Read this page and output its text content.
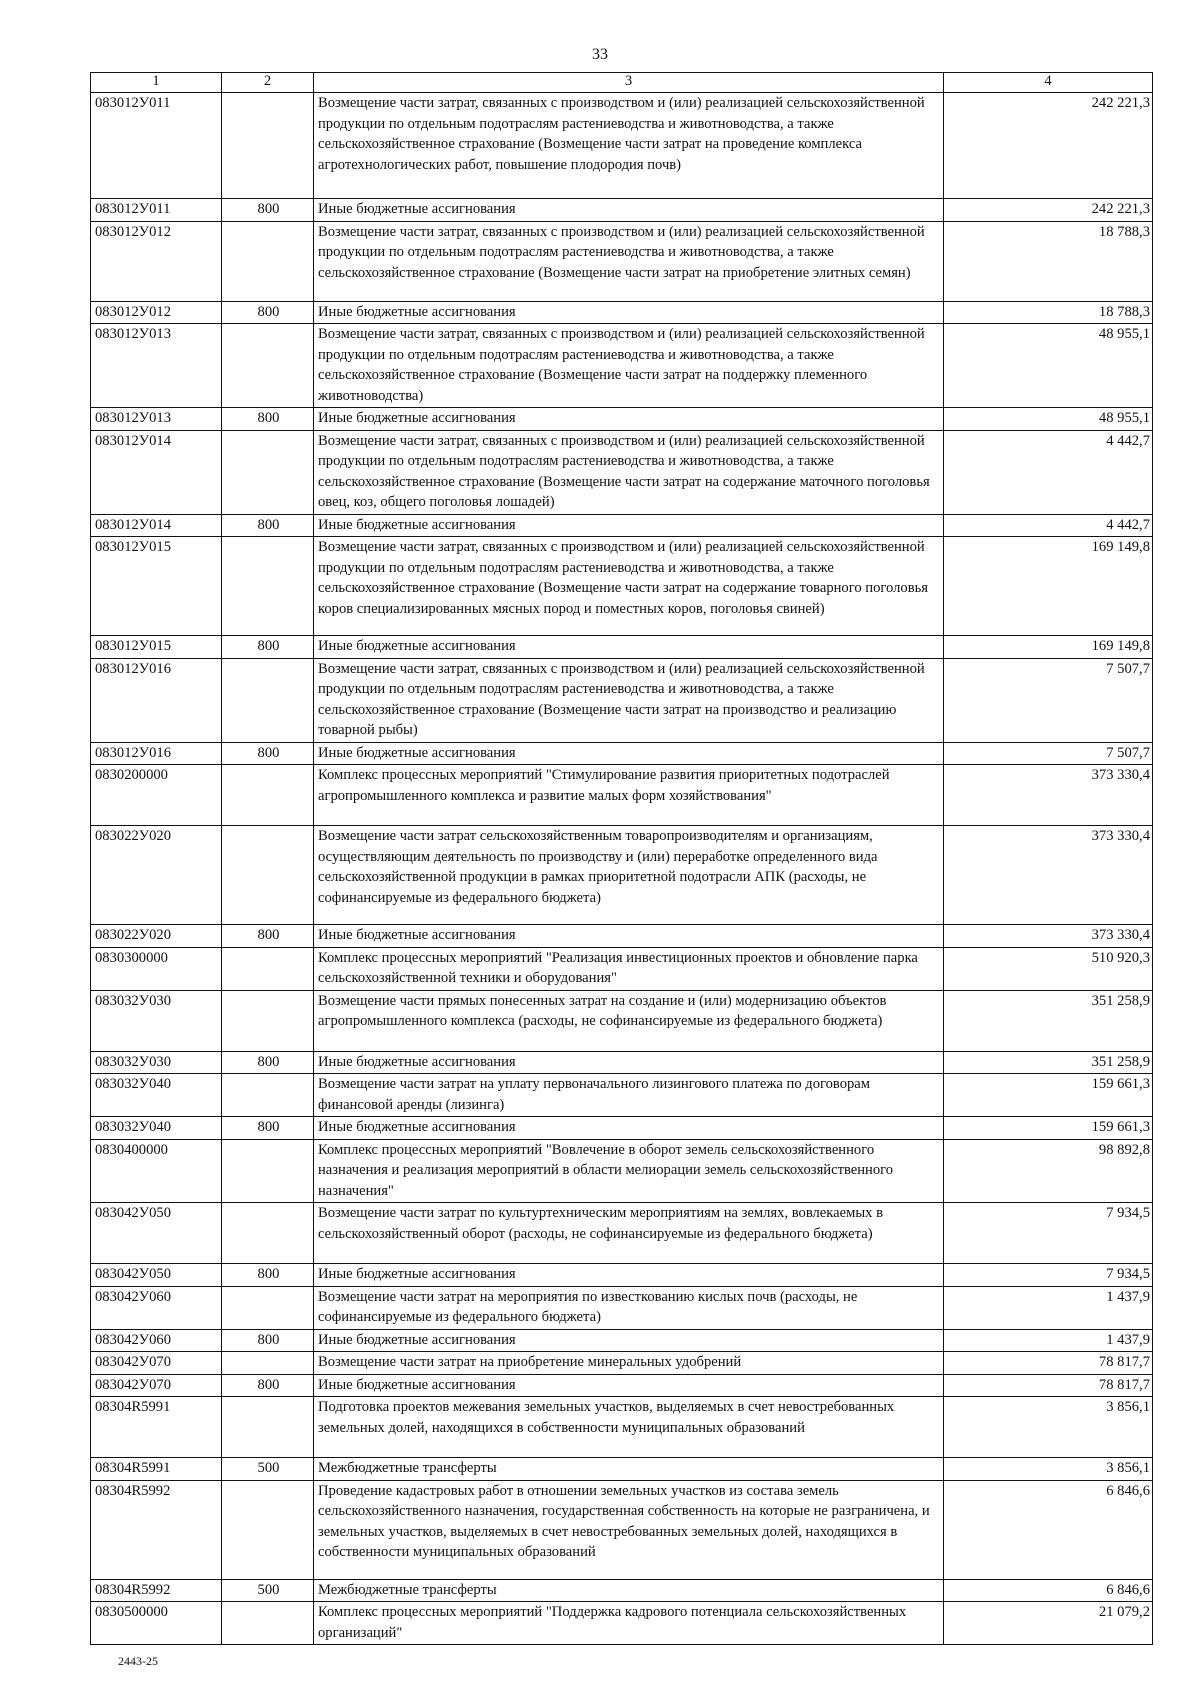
33
1	2	3	4
083012У011		Возмещение части затрат, связанных с производством и (или) реализацией сельскохозяйственной продукции по отдельным подотраслям растениеводства и животноводства, а также сельскохозяйственное страхование (Возмещение части затрат на проведение комплекса агротехнологических работ, повышение плодородия почв)	242 221,3
083012У011	800	Иные бюджетные ассигнования	242 221,3
083012У012		Возмещение части затрат, связанных с производством и (или) реализацией сельскохозяйственной продукции по отдельным подотраслям растениеводства и животноводства, а также сельскохозяйственное страхование (Возмещение части затрат на приобретение элитных семян)	18 788,3
083012У012	800	Иные бюджетные ассигнования	18 788,3
083012У013		Возмещение части затрат, связанных с производством и (или) реализацией сельскохозяйственной продукции по отдельным подотраслям растениеводства и животноводства, а также сельскохозяйственное страхование (Возмещение части затрат на поддержку племенного животноводства)	48 955,1
083012У013	800	Иные бюджетные ассигнования	48 955,1
083012У014		Возмещение части затрат, связанных с производством и (или) реализацией сельскохозяйственной продукции по отдельным подотраслям растениеводства и животноводства, а также сельскохозяйственное страхование (Возмещение части затрат на содержание маточного поголовья овец, коз, общего поголовья лошадей)	4 442,7
083012У014	800	Иные бюджетные ассигнования	4 442,7
083012У015		Возмещение части затрат, связанных с производством и (или) реализацией сельскохозяйственной продукции по отдельным подотраслям растениеводства и животноводства, а также сельскохозяйственное страхование (Возмещение части затрат на содержание товарного поголовья коров специализированных мясных пород и поместных коров, поголовья свиней)	169 149,8
083012У015	800	Иные бюджетные ассигнования	169 149,8
083012У016		Возмещение части затрат, связанных с производством и (или) реализацией сельскохозяйственной продукции по отдельным подотраслям растениеводства и животноводства, а также сельскохозяйственное страхование (Возмещение части затрат на производство и реализацию товарной рыбы)	7 507,7
083012У016	800	Иные бюджетные ассигнования	7 507,7
0830200000		Комплекс процессных мероприятий "Стимулирование развития приоритетных подотраслей агропромышленного комплекса и развитие малых форм хозяйствования"	373 330,4
083022У020		Возмещение части затрат сельскохозяйственным товаропроизводителям и организациям, осуществляющим деятельность по производству и (или) переработке определенного вида сельскохозяйственной продукции в рамках приоритетной подотрасли АПК (расходы, не софинансируемые из федерального бюджета)	373 330,4
083022У020	800	Иные бюджетные ассигнования	373 330,4
0830300000		Комплекс процессных мероприятий "Реализация инвестиционных проектов и обновление парка сельскохозяйственной техники и оборудования"	510 920,3
083032У030		Возмещение части прямых понесенных затрат на создание и (или) модернизацию объектов агропромышленного комплекса (расходы, не софинансируемые из федерального бюджета)	351 258,9
083032У030	800	Иные бюджетные ассигнования	351 258,9
083032У040		Возмещение части затрат на уплату первоначального лизингового платежа по договорам финансовой аренды (лизинга)	159 661,3
083032У040	800	Иные бюджетные ассигнования	159 661,3
0830400000		Комплекс процессных мероприятий "Вовлечение в оборот земель сельскохозяйственного назначения и реализация мероприятий в области мелиорации земель сельскохозяйственного назначения"	98 892,8
083042У050		Возмещение части затрат по культуртехническим мероприятиям на землях, вовлекаемых в сельскохозяйственный оборот (расходы, не софинансируемые из федерального бюджета)	7 934,5
083042У050	800	Иные бюджетные ассигнования	7 934,5
083042У060		Возмещение части затрат на мероприятия по известкованию кислых почв (расходы, не софинансируемые из федерального бюджета)	1 437,9
083042У060	800	Иные бюджетные ассигнования	1 437,9
083042У070		Возмещение части затрат на приобретение минеральных удобрений	78 817,7
083042У070	800	Иные бюджетные ассигнования	78 817,7
08304R5991		Подготовка проектов межевания земельных участков, выделяемых в счет невостребованных земельных долей, находящихся в собственности муниципальных образований	3 856,1
08304R5991	500	Межбюджетные трансферты	3 856,1
08304R5992		Проведение кадастровых работ в отношении земельных участков из состава земель сельскохозяйственного назначения, государственная собственность на которые не разграничена, и земельных участков, выделяемых в счет невостребованных земельных долей, находящихся в собственности муниципальных образований	6 846,6
08304R5992	500	Межбюджетные трансферты	6 846,6
0830500000		Комплекс процессных мероприятий "Поддержка кадрового потенциала сельскохозяйственных организаций"	21 079,2
2443-25
